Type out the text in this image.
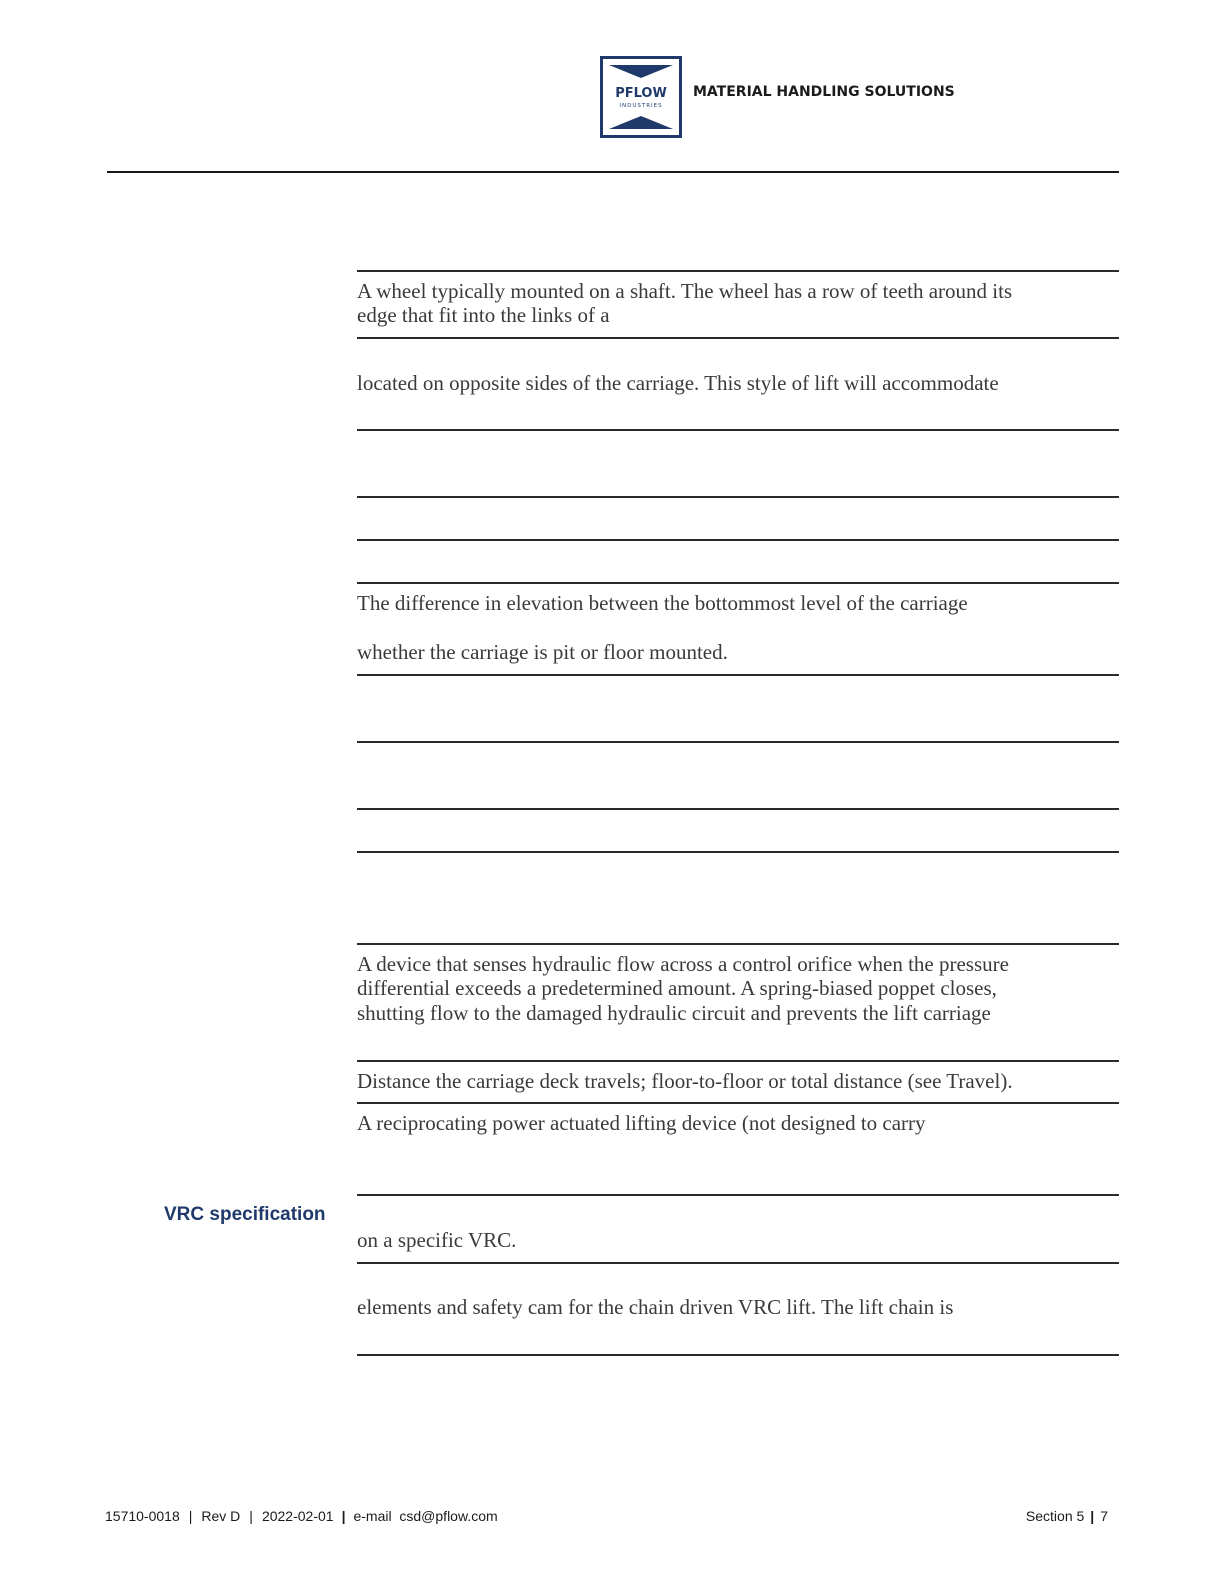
PFLOW
INDUSTRIES
MATERIAL HANDLING SOLUTIONS
A wheel typically mounted on a shaft. The wheel has a row of teeth around its
edge that fit into the links of a
located on opposite sides of the carriage. This style of lift will accommodate
The difference in elevation between the bottommost level of the carriage
whether the carriage is pit or floor mounted.
A device that senses hydraulic flow across a control orifice when the pressure
differential exceeds a predetermined amount. A spring-biased poppet closes,
shutting flow to the damaged hydraulic circuit and prevents the lift carriage
Distance the carriage deck travels; floor-to-floor or total distance (see Travel).
A reciprocating power actuated lifting device (not designed to carry
VRC specification
on a specific VRC.
elements and safety cam for the chain driven VRC lift. The lift chain is
15710-0018 | Rev D | 2022-02-01 | e-mail csd@pflow.com	Section 5 | 7
